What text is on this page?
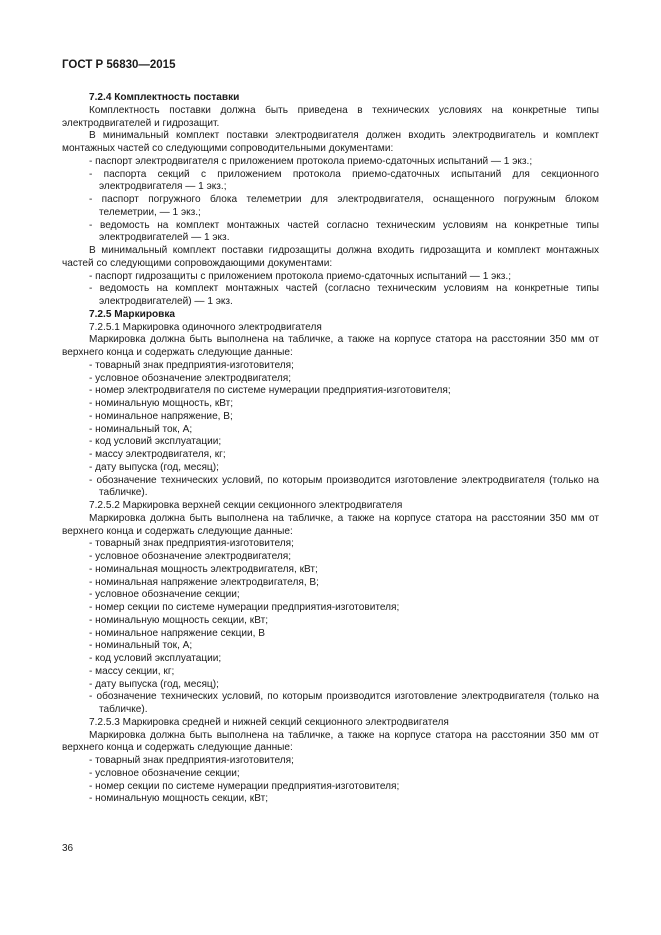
ГОСТ Р 56830—2015

7.2.4 Комплектность поставки

Комплектность поставки должна быть приведена в технических условиях на конкретные типы электродвигателей и гидрозащит.

В минимальный комплект поставки электродвигателя должен входить электродвигатель и комплект монтажных частей со следующими сопроводительными документами:

- паспорт электродвигателя с приложением протокола приемо-сдаточных испытаний — 1 экз.;

- паспорта секций с приложением протокола приемо-сдаточных испытаний для секционного электродвигателя — 1 экз.;

- паспорт погружного блока телеметрии для электродвигателя, оснащенного погружным блоком телеметрии, — 1 экз.;

- ведомость на комплект монтажных частей согласно техническим условиям на конкретные типы электродвигателей — 1 экз.

В минимальный комплект поставки гидрозащиты должна входить гидрозащита и комплект монтажных частей со следующими сопровождающими документами:

- паспорт гидрозащиты с приложением протокола приемо-сдаточных испытаний — 1 экз.;

- ведомость на комплект монтажных частей (согласно техническим условиям на конкретные типы электродвигателей) — 1 экз.

7.2.5 Маркировка

7.2.5.1 Маркировка одиночного электродвигателя

Маркировка должна быть выполнена на табличке, а также на корпусе статора на расстоянии 350 мм от верхнего конца и содержать следующие данные:

- товарный знак предприятия-изготовителя;

- условное обозначение электродвигателя;

- номер электродвигателя по системе нумерации предприятия-изготовителя;

- номинальную мощность, кВт;

- номинальное напряжение, В;

- номинальный ток, А;

- код условий эксплуатации;

- массу электродвигателя, кг;

- дату выпуска (год, месяц);

- обозначение технических условий, по которым производится изготовление электродвигателя (только на табличке).

7.2.5.2 Маркировка верхней секции секционного электродвигателя

Маркировка должна быть выполнена на табличке, а также на корпусе статора на расстоянии 350 мм от верхнего конца и содержать следующие данные:

- товарный знак предприятия-изготовителя;

- условное обозначение электродвигателя;

- номинальная мощность электродвигателя, кВт;

- номинальная напряжение электродвигателя, В;

- условное обозначение секции;

- номер секции по системе нумерации предприятия-изготовителя;

- номинальную мощность секции, кВт;

- номинальное напряжение секции, В

- номинальный ток, А;

- код условий эксплуатации;

- массу секции, кг;

- дату выпуска (год, месяц);

- обозначение технических условий, по которым производится изготовление электродвигателя (только на табличке).

7.2.5.3 Маркировка средней и нижней секций секционного электродвигателя

Маркировка должна быть выполнена на табличке, а также на корпусе статора на расстоянии 350 мм от верхнего конца и содержать следующие данные:

- товарный знак предприятия-изготовителя;

- условное обозначение секции;

- номер секции по системе нумерации предприятия-изготовителя;

- номинальную мощность секции, кВт;

36
